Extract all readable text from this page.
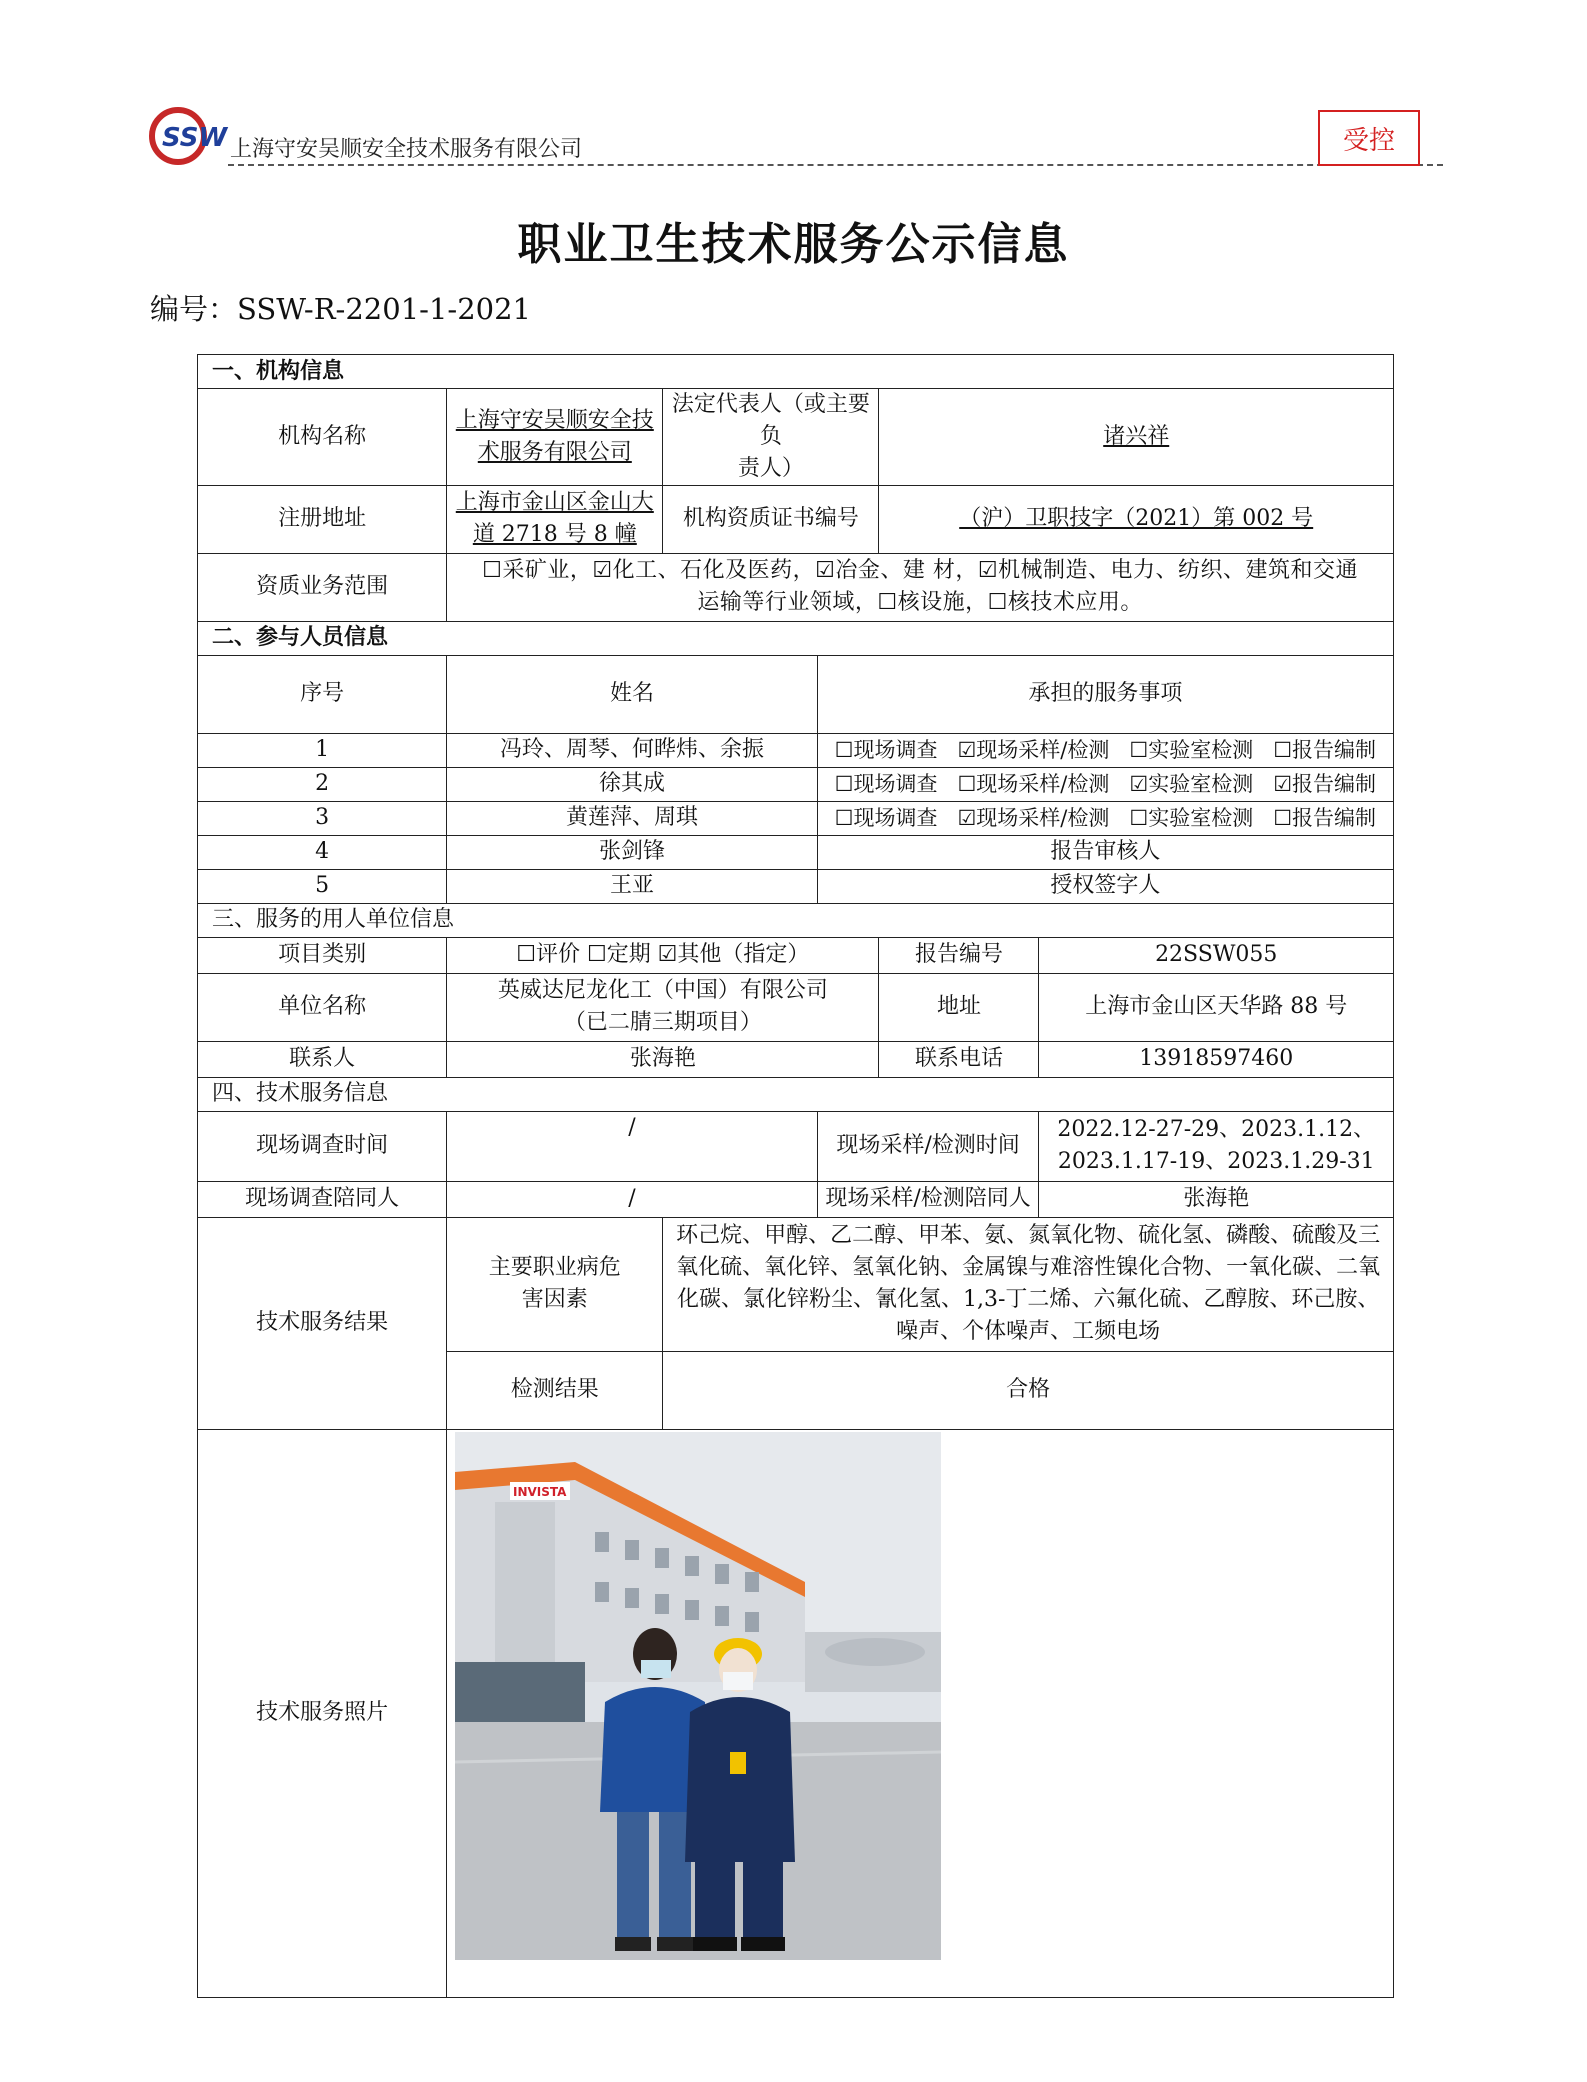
SSW 上海守安吴顺安全技术服务有限公司	受控
职业卫生技术服务公示信息
编号：SSW-R-2201-1-2021
一、机构信息					
机构名称	上海守安吴顺安全技
术服务有限公司	法定代表人（或主要负
责人）		诸兴祥	
注册地址	上海市金山区金山大
道 2718 号 8 幢	机构资质证书编号		（沪）卫职技字（2021）第 002 号	
资质业务范围	☐采矿业，☑化工、石化及医药，☑冶金、建 材，☑机械制造、电力、纺织、建筑和交通
运输等行业领域，☐核设施，☐核技术应用。				
二、参与人员信息					
序号	姓名		承担的服务事项		
1	冯玲、周琴、何晔炜、余振		☐现场调查 ☑现场采样/检测 ☐实验室检测 ☐报告编制		
2	徐其成		☐现场调查 ☐现场采样/检测 ☑实验室检测 ☑报告编制		
3	黄莲萍、周琪		☐现场调查 ☑现场采样/检测 ☐实验室检测 ☐报告编制		
4	张剑锋		报告审核人		
5	王亚		授权签字人		
三、服务的用人单位信息					
项目类别	☐评价 ☐定期 ☑其他（指定）			报告编号	22SSW055
单位名称	英威达尼龙化工（中国）有限公司
（已二腈三期项目）			地址	上海市金山区天华路 88 号
联系人	张海艳			联系电话	13918597460
四、技术服务信息					
现场调查时间	/		现场采样/检测时间		2022.12-27-29、2023.1.12、
2023.1.17-19、2023.1.29-31
现场调查陪同人	/		现场采样/检测陪同人		张海艳
技术服务结果	主要职业病危
害因素	环己烷、甲醇、乙二醇、甲苯、氨、氮氧化物、硫化氢、磷酸、硫酸及三
氧化硫、氧化锌、氢氧化钠、金属镍与难溶性镍化合物、一氧化碳、二氧
化碳、氯化锌粉尘、氰化氢、1,3-丁二烯、六氟化硫、乙醇胺、环己胺、
噪声、个体噪声、工频电场			
	检测结果	合格			
技术服务照片	INVISTA				
